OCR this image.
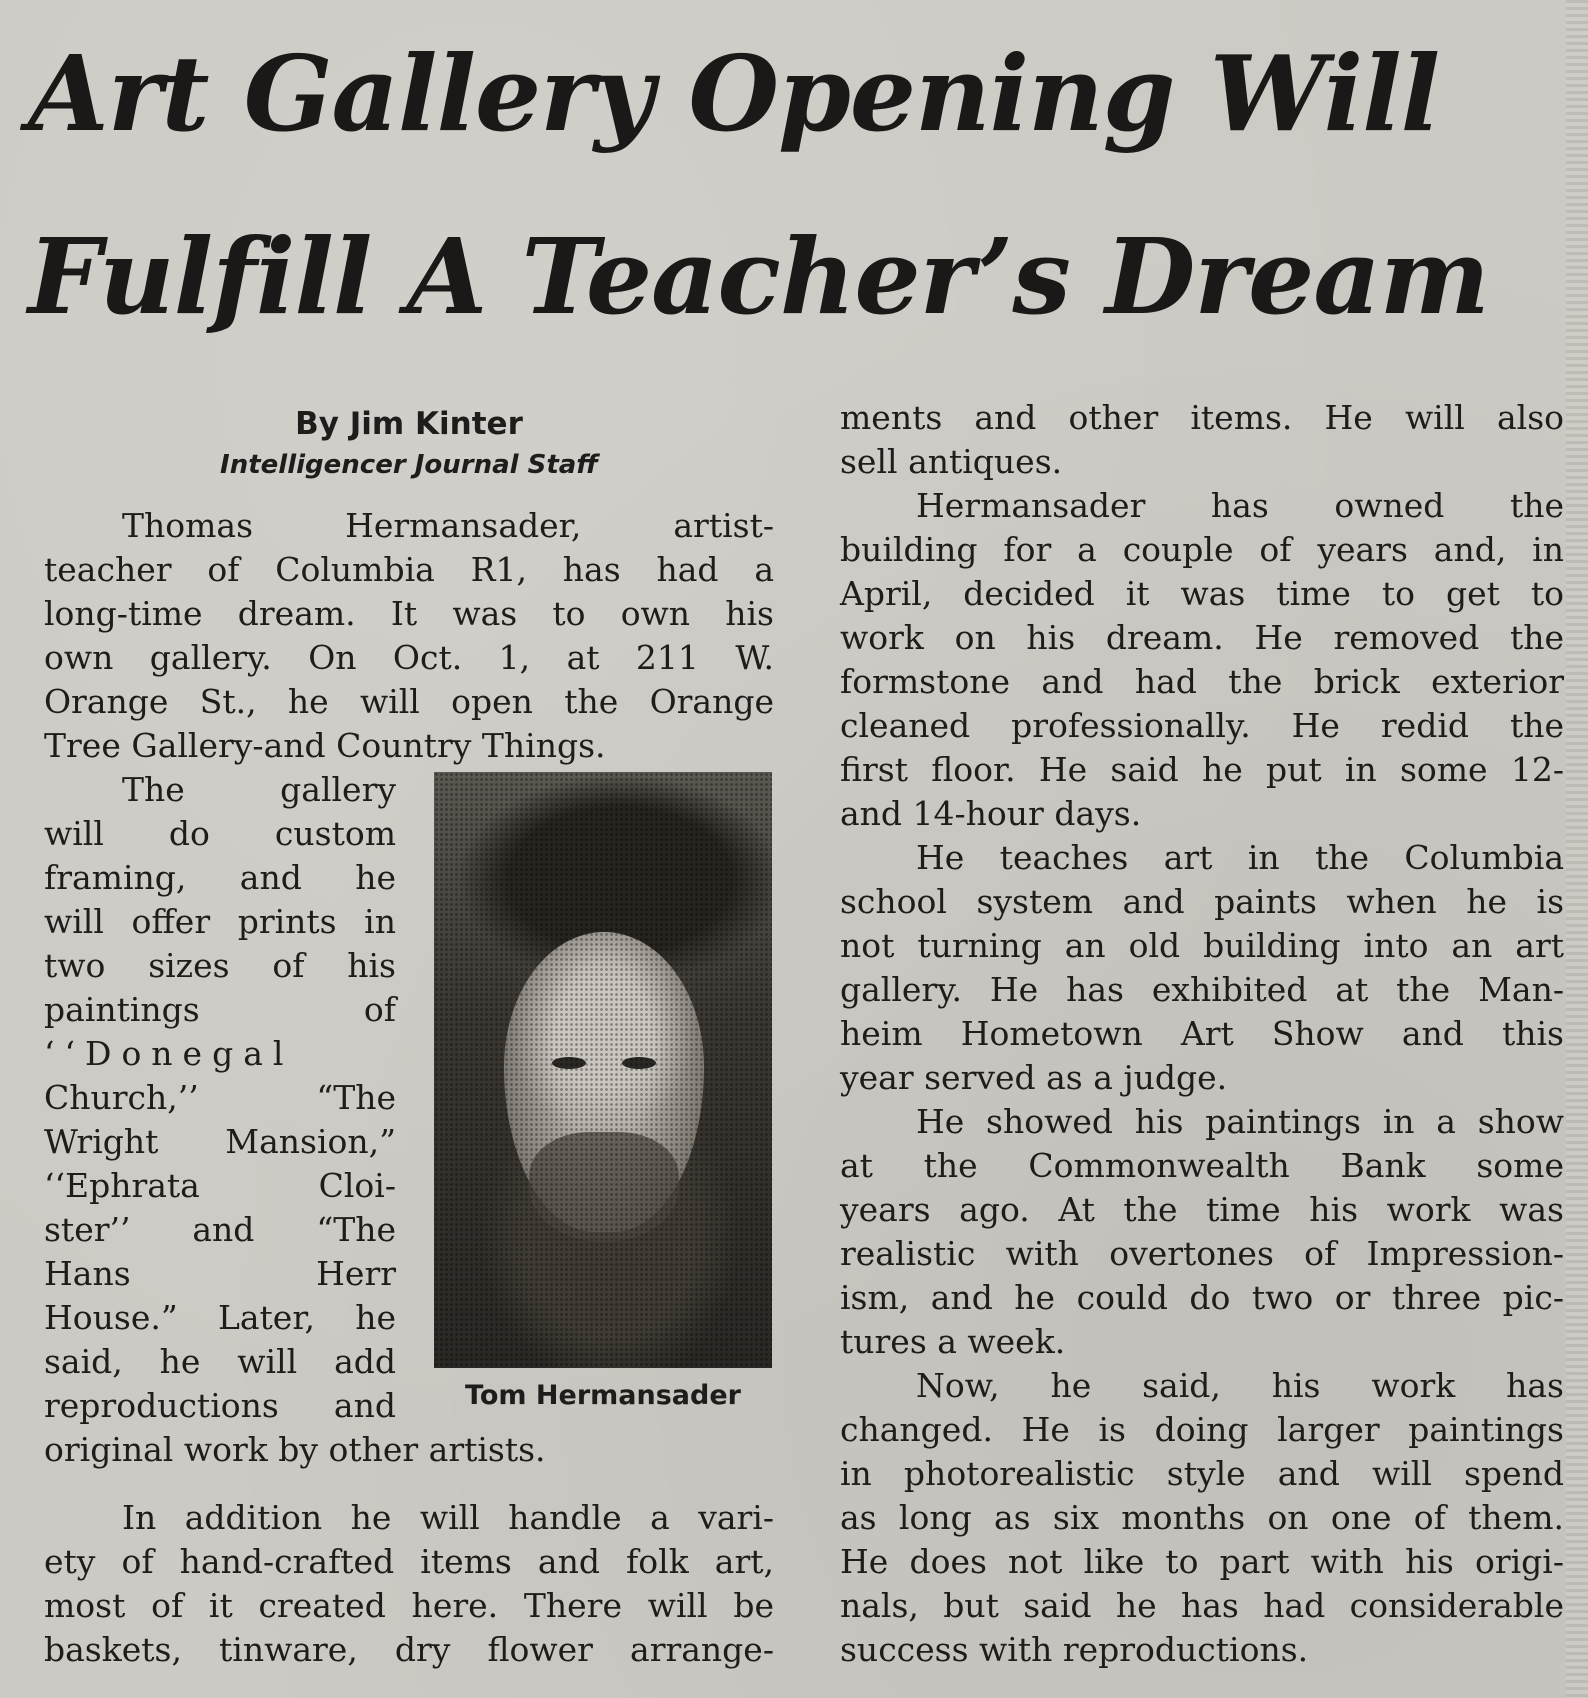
Art Gallery Opening Will
Fulfill A Teacher’s Dream
By Jim Kinter
Intelligencer Journal Staff
Thomas Hermansader, artist-
teacher of Columbia R1, has had a
long-time dream. It was to own his
own gallery. On Oct. 1, at 211 W.
Orange St., he will open the Orange
Tree Gallery-and Country Things.
The gallery
will do custom
framing, and he
will offer prints in
two sizes of his
paintings of
‘‘Donegal
Church,’’ “The
Wright Mansion,”
‘‘Ephrata Cloi-
ster’’ and “The
Hans Herr
House.” Later, he
said, he will add
reproductions and
original work by other artists.
In addition he will handle a vari-
ety of hand-crafted items and folk art,
most of it created here. There will be
baskets, tinware, dry flower arrange-
Tom Hermansader
ments and other items. He will also
sell antiques.
Hermansader has owned the
building for a couple of years and, in
April, decided it was time to get to
work on his dream. He removed the
formstone and had the brick exterior
cleaned professionally. He redid the
first floor. He said he put in some 12-
and 14-hour days.
He teaches art in the Columbia
school system and paints when he is
not turning an old building into an art
gallery. He has exhibited at the Man-
heim Hometown Art Show and this
year served as a judge.
He showed his paintings in a show
at the Commonwealth Bank some
years ago. At the time his work was
realistic with overtones of Impression-
ism, and he could do two or three pic-
tures a week.
Now, he said, his work has
changed. He is doing larger paintings
in photorealistic style and will spend
as long as six months on one of them.
He does not like to part with his origi-
nals, but said he has had considerable
success with reproductions.
